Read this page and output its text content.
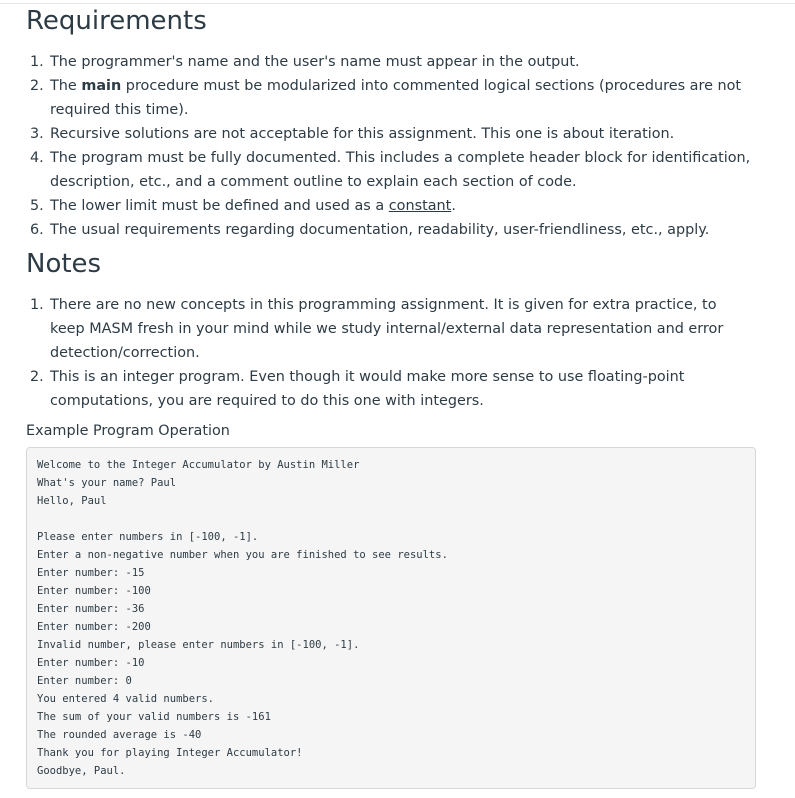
Requirements
1. The programmer's name and the user's name must appear in the output.
2. The main procedure must be modularized into commented logical sections (procedures are not required this time).
3. Recursive solutions are not acceptable for this assignment. This one is about iteration.
4. The program must be fully documented. This includes a complete header block for identification, description, etc., and a comment outline to explain each section of code.
5. The lower limit must be defined and used as a constant.
6. The usual requirements regarding documentation, readability, user-friendliness, etc., apply.
Notes
1. There are no new concepts in this programming assignment. It is given for extra practice, to keep MASM fresh in your mind while we study internal/external data representation and error detection/correction.
2. This is an integer program. Even though it would make more sense to use floating-point computations, you are required to do this one with integers.
Example Program Operation
Welcome to the Integer Accumulator by Austin Miller
What's your name? Paul
Hello, Paul
Please enter numbers in [-100, -1].
Enter a non-negative number when you are finished to see results.
Enter number: -15
Enter number: -100
Enter number: -36
Enter number: -200
Invalid number, please enter numbers in [-100, -1].
Enter number: -10
Enter number: 0
You entered 4 valid numbers.
The sum of your valid numbers is -161
The rounded average is -40
Thank you for playing Integer Accumulator!
Goodbye, Paul.
